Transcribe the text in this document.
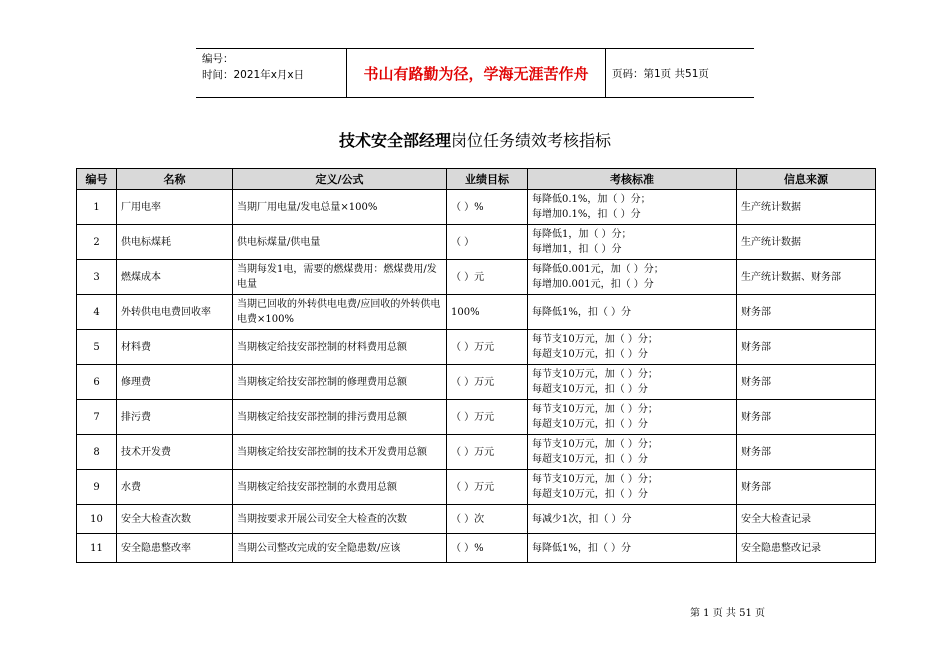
编号：
时间：2021年x月x日	书山有路勤为径，学海无涯苦作舟	页码：第1页 共51页
技术安全部经理岗位任务绩效考核指标
编号	名称	定义/公式	业绩目标	考核标准	信息来源
1	厂用电率	当期厂用电量/发电总量×100%	（ ）%	每降低0.1%，加（ ）分；
每增加0.1%，扣（ ）分	生产统计数据
2	供电标煤耗	供电标煤量/供电量	（ ）	每降低1，加（ ）分；
每增加1，扣（ ）分	生产统计数据
3	燃煤成本	当期每发1电，需要的燃煤费用：燃煤费用/发电量	（ ）元	每降低0.001元，加（ ）分；
每增加0.001元，扣（ ）分	生产统计数据、财务部
4	外转供电电费回收率	当期已回收的外转供电电费/应回收的外转供电电费×100%	100%	每降低1%，扣（ ）分	财务部
5	材料费	当期核定给技安部控制的材料费用总额	（ ）万元	每节支10万元，加（ ）分；
每超支10万元，扣（ ）分	财务部
6	修理费	当期核定给技安部控制的修理费用总额	（ ）万元	每节支10万元，加（ ）分；
每超支10万元，扣（ ）分	财务部
7	排污费	当期核定给技安部控制的排污费用总额	（ ）万元	每节支10万元，加（ ）分；
每超支10万元，扣（ ）分	财务部
8	技术开发费	当期核定给技安部控制的技术开发费用总额	（ ）万元	每节支10万元，加（ ）分；
每超支10万元，扣（ ）分	财务部
9	水费	当期核定给技安部控制的水费用总额	（ ）万元	每节支10万元，加（ ）分；
每超支10万元，扣（ ）分	财务部
10	安全大检查次数	当期按要求开展公司安全大检查的次数	（ ）次	每减少1次，扣（ ）分	安全大检查记录
11	安全隐患整改率	当期公司整改完成的安全隐患数/应该	（ ）%	每降低1%，扣（ ）分	安全隐患整改记录
第 1 页 共 51 页
